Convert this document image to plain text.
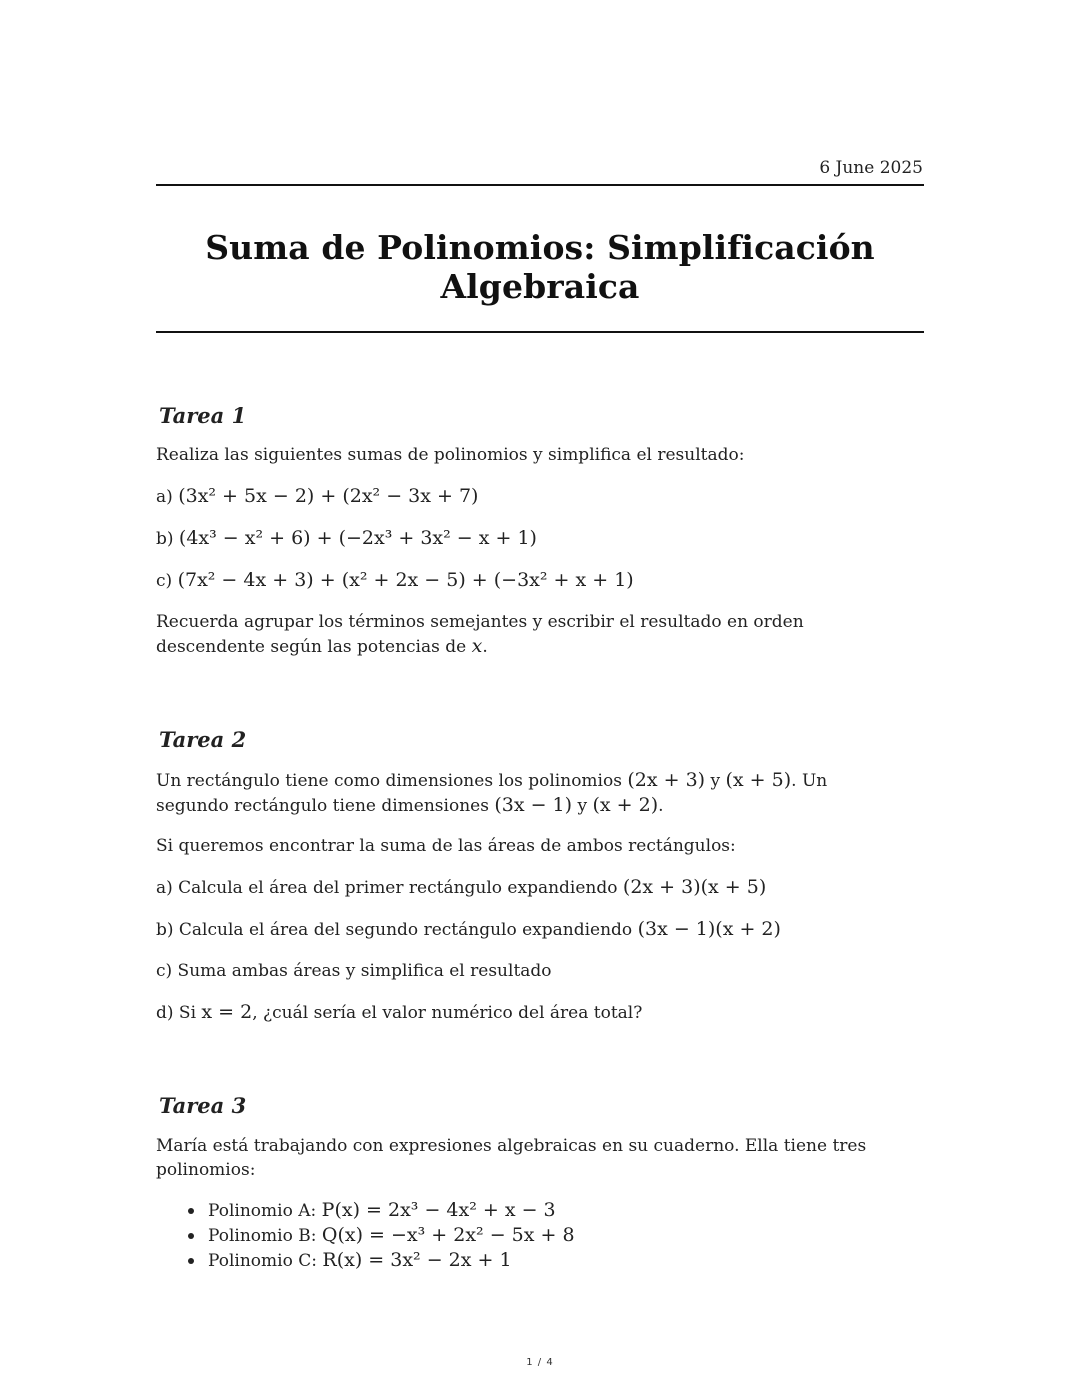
6 June 2025
Suma de Polinomios: Simplificación Algebraica
Tarea 1
Realiza las siguientes sumas de polinomios y simplifica el resultado:
a) (3x² + 5x − 2) + (2x² − 3x + 7)
b) (4x³ − x² + 6) + (−2x³ + 3x² − x + 1)
c) (7x² − 4x + 3) + (x² + 2x − 5) + (−3x² + x + 1)
Recuerda agrupar los términos semejantes y escribir el resultado en orden descendente según las potencias de x.
Tarea 2
Un rectángulo tiene como dimensiones los polinomios (2x + 3) y (x + 5). Un segundo rectángulo tiene dimensiones (3x − 1) y (x + 2).
Si queremos encontrar la suma de las áreas de ambos rectángulos:
a) Calcula el área del primer rectángulo expandiendo (2x + 3)(x + 5)
b) Calcula el área del segundo rectángulo expandiendo (3x − 1)(x + 2)
c) Suma ambas áreas y simplifica el resultado
d) Si x = 2, ¿cuál sería el valor numérico del área total?
Tarea 3
María está trabajando con expresiones algebraicas en su cuaderno. Ella tiene tres polinomios:
Polinomio A: P(x) = 2x³ − 4x² + x − 3
Polinomio B: Q(x) = −x³ + 2x² − 5x + 8
Polinomio C: R(x) = 3x² − 2x + 1
1 / 4
